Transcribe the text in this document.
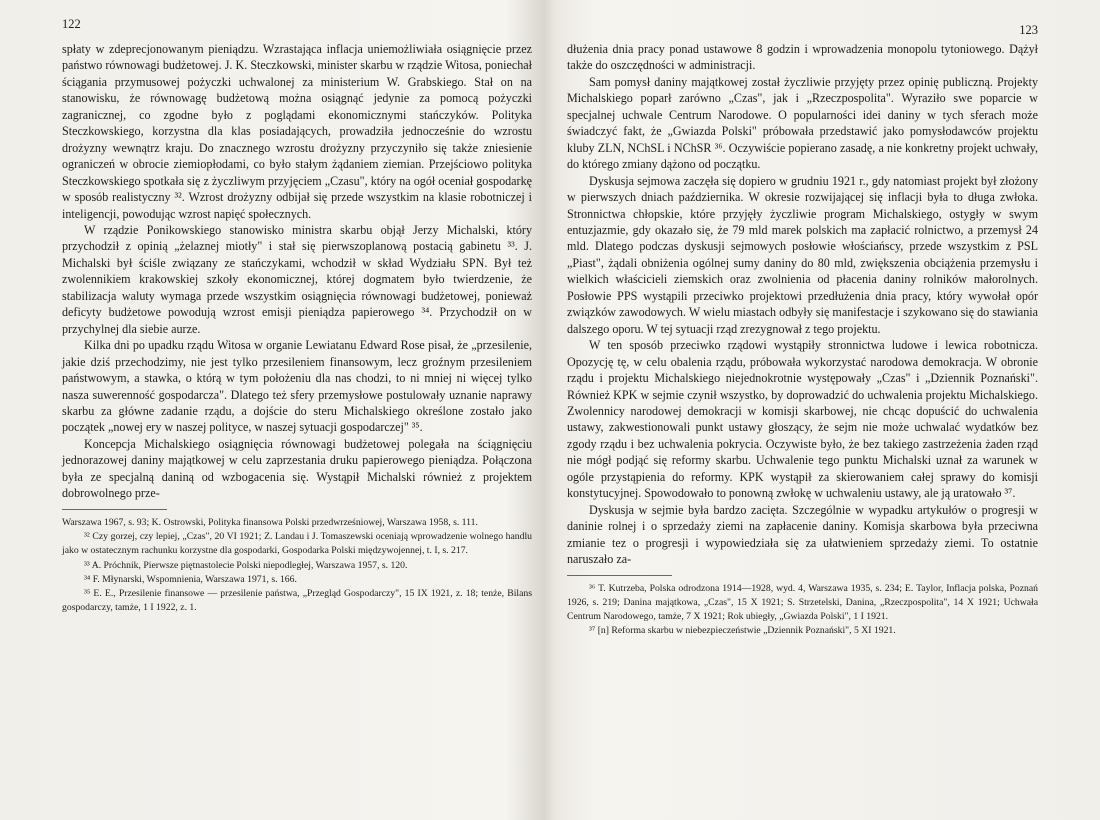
122

spłaty w zdeprecjonowanym pieniądzu. Wzrastająca inflacja uniemożliwiała osiągnięcie przez państwo równowagi budżetowej. J. K. Steczkowski, minister skarbu w rządzie Witosa, poniechał ściągania przymusowej pożyczki uchwalonej za ministerium W. Grabskiego. Stał on na stanowisku, że równowagę budżetową można osiągnąć jedynie za pomocą pożyczki zagranicznej, co zgodne było z poglądami ekonomicznymi stańczyków. Polityka Steczkowskiego, korzystna dla klas posiadających, prowadziła jednocześnie do wzrostu drożyzny wewnątrz kraju. Do znacznego wzrostu drożyzny przyczyniło się także zniesienie ograniczeń w obrocie ziemiopłodami, co było stałym żądaniem ziemian. Przejściowo polityka Steczkowskiego spotkała się z życzliwym przyjęciem „Czasu", który na ogół oceniał gospodarkę w sposób realistyczny ³². Wzrost drożyzny odbijał się przede wszystkim na klasie robotniczej i inteligencji, powodując wzrost napięć społecznych.

W rządzie Ponikowskiego stanowisko ministra skarbu objął Jerzy Michalski, który przychodził z opinią „żelaznej miotły" i stał się pierwszoplanową postacią gabinetu ³³. J. Michalski był ściśle związany ze stańczykami, wchodził w skład Wydziału SPN. Był też zwolennikiem krakowskiej szkoły ekonomicznej, której dogmatem było twierdzenie, że stabilizacja waluty wymaga przede wszystkim osiągnięcia równowagi budżetowej, ponieważ deficyty budżetowe powodują wzrost emisji pieniądza papierowego ³⁴. Przychodził on w przychylnej dla siebie aurze.

Kilka dni po upadku rządu Witosa w organie Lewiatanu Edward Rose pisał, że „przesilenie, jakie dziś przechodzimy, nie jest tylko przesileniem finansowym, lecz groźnym przesileniem państwowym, a stawka, o którą w tym położeniu dla nas chodzi, to ni mniej ni więcej tylko nasza suwerenność gospodarcza". Dlatego też sfery przemysłowe postulowały uznanie naprawy skarbu za główne zadanie rządu, a dojście do steru Michalskiego określone zostało jako początek „nowej ery w naszej polityce, w naszej sytuacji gospodarczej" ³⁵.

Koncepcja Michalskiego osiągnięcia równowagi budżetowej polegała na ściągnięciu jednorazowej daniny majątkowej w celu zaprzestania druku papierowego pieniądza. Połączona była ze specjalną daniną od wzbogacenia się. Wystąpił Michalski również z projektem dobrowolnego prze-

Warszawa 1967, s. 93; K. Ostrowski, Polityka finansowa Polski przedwrześniowej, Warszawa 1958, s. 111.

³² Czy gorzej, czy lepiej, „Czas", 20 VI 1921; Z. Landau i J. Tomaszewski oceniają wprowadzenie wolnego handlu jako w ostatecznym rachunku korzystne dla gospodarki, Gospodarka Polski międzywojennej, t. I, s. 217.

³³ A. Próchnik, Pierwsze piętnastolecie Polski niepodległej, Warszawa 1957, s. 120.

³⁴ F. Młynarski, Wspomnienia, Warszawa 1971, s. 166.

³⁵ E. E., Przesilenie finansowe — przesilenie państwa, „Przegląd Gospodarczy", 15 IX 1921, z. 18; tenże, Bilans gospodarczy, tamże, 1 I 1922, z. 1.

123

dłużenia dnia pracy ponad ustawowe 8 godzin i wprowadzenia monopolu tytoniowego. Dążył także do oszczędności w administracji.

Sam pomysł daniny majątkowej został życzliwie przyjęty przez opinię publiczną. Projekty Michalskiego poparł zarówno „Czas", jak i „Rzeczpospolita". Wyraziło swe poparcie w specjalnej uchwale Centrum Narodowe. O popularności idei daniny w tych sferach może świadczyć fakt, że „Gwiazda Polski" próbowała przedstawić jako pomysłodawców projektu kluby ZLN, NChSL i NChSR ³⁶. Oczywiście popierano zasadę, a nie konkretny projekt uchwały, do którego zmiany dążono od początku.

Dyskusja sejmowa zaczęła się dopiero w grudniu 1921 r., gdy natomiast projekt był złożony w pierwszych dniach października. W okresie rozwijającej się inflacji była to długa zwłoka. Stronnictwa chłopskie, które przyjęły życzliwie program Michalskiego, ostygły w swym entuzjazmie, gdy okazało się, że 79 mld marek polskich ma zapłacić rolnictwo, a przemysł 24 mld. Dlatego podczas dyskusji sejmowych posłowie włościańscy, przede wszystkim z PSL „Piast", żądali obniżenia ogólnej sumy daniny do 80 mld, zwiększenia obciążenia przemysłu i wielkich właścicieli ziemskich oraz zwolnienia od płacenia daniny rolników małorolnych. Posłowie PPS wystąpili przeciwko projektowi przedłużenia dnia pracy, który wywołał opór związków zawodowych. W wielu miastach odbyły się manifestacje i szykowano się do stawiania dalszego oporu. W tej sytuacji rząd zrezygnował z tego projektu.

W ten sposób przeciwko rządowi wystąpiły stronnictwa ludowe i lewica robotnicza. Opozycję tę, w celu obalenia rządu, próbowała wykorzystać narodowa demokracja. W obronie rządu i projektu Michalskiego niejednokrotnie występowały „Czas" i „Dziennik Poznański". Również KPK w sejmie czynił wszystko, by doprowadzić do uchwalenia projektu Michalskiego. Zwolennicy narodowej demokracji w komisji skarbowej, nie chcąc dopuścić do uchwalenia ustawy, zakwestionowali punkt ustawy głoszący, że sejm nie może uchwalać wydatków bez zgody rządu i bez uchwalenia pokrycia. Oczywiste było, że bez takiego zastrzeżenia żaden rząd nie mógł podjąć się reformy skarbu. Uchwalenie tego punktu Michalski uznał za warunek w ogóle przystąpienia do reformy. KPK wystąpił za skierowaniem całej sprawy do komisji konstytucyjnej. Spowodowało to ponowną zwłokę w uchwaleniu ustawy, ale ją uratowało ³⁷.

Dyskusja w sejmie była bardzo zacięta. Szczególnie w wypadku artykułów o progresji w daninie rolnej i o sprzedaży ziemi na zapłacenie daniny. Komisja skarbowa była przeciwna zmianie tez o progresji i wypowiedziała się za ułatwieniem sprzedaży ziemi. To ostatnie naruszało za-

³⁶ T. Kutrzeba, Polska odrodzona 1914—1928, wyd. 4, Warszawa 1935, s. 234; E. Taylor, Inflacja polska, Poznań 1926, s. 219; Danina majątkowa, „Czas", 15 X 1921; S. Strzetelski, Danina, „Rzeczpospolita", 14 X 1921; Uchwała Centrum Narodowego, tamże, 7 X 1921; Rok ubiegły, „Gwiazda Polski", 1 I 1921.

³⁷ [n] Reforma skarbu w niebezpieczeństwie „Dziennik Poznański", 5 XI 1921.
